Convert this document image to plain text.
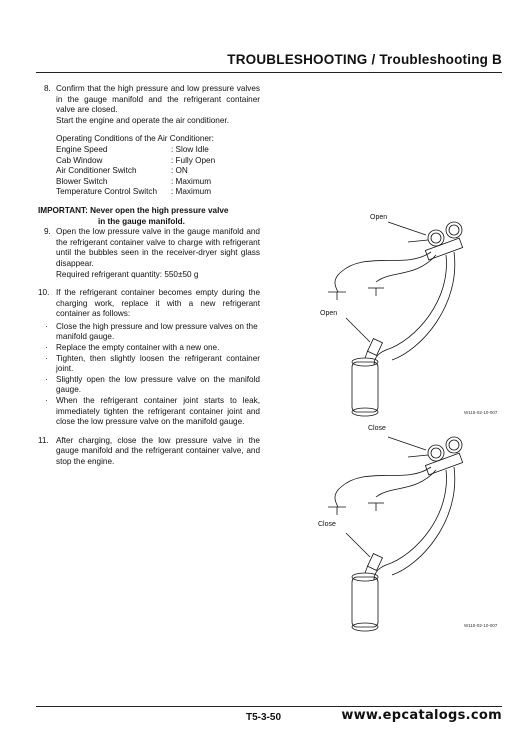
TROUBLESHOOTING / Troubleshooting B
8. Confirm that the high pressure and low pressure valves in the gauge manifold and the refrigerant container valve are closed.
Start the engine and operate the air conditioner.
Operating Conditions of the Air Conditioner:
Engine Speed	: Slow Idle
Cab Window	: Fully Open
Air Conditioner Switch	: ON
Blower Switch	: Maximum
Temperature Control Switch	: Maximum
IMPORTANT: Never open the high pressure valve
in the gauge manifold.
9. Open the low pressure valve in the gauge manifold and the refrigerant container valve to charge with refrigerant until the bubbles seen in the receiver-dryer sight glass disappear.
Required refrigerant quantity: 550±50 g
10. If the refrigerant container becomes empty during the charging work, replace it with a new refrigerant container as follows:
· Close the high pressure and low pressure valves on the manifold gauge.
· Replace the empty container with a new one.
· Tighten, then slightly loosen the refrigerant container joint.
· Slightly open the low pressure valve on the manifold gauge.
· When the refrigerant container joint starts to leak, immediately tighten the refrigerant container joint and close the low pressure valve on the manifold gauge.
11. After charging, close the low pressure valve in the gauge manifold and the refrigerant container valve, and stop the engine.
Open
Open
W115-02-10-007
Close
Close
W115-02-10-007
T5-3-50	www.epcatalogs.com
